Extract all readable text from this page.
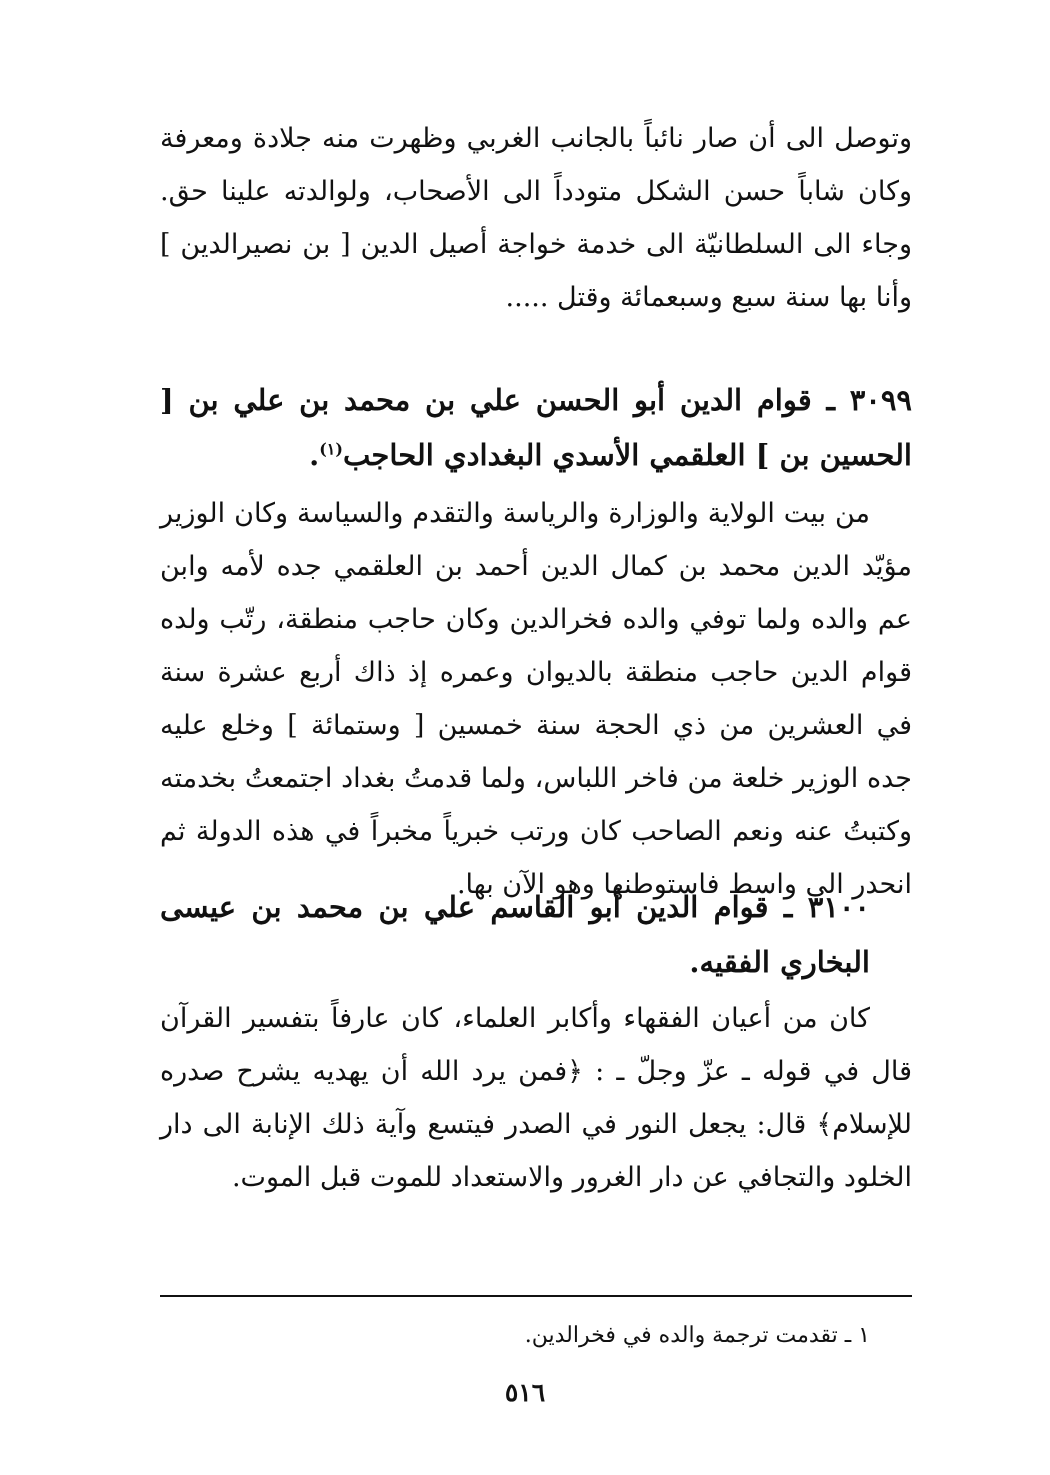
وتوصل الى أن صار نائباً بالجانب الغربي وظهرت منه جلادة ومعرفة وكان شاباً حسن الشكل متودداً الى الأصحاب، ولوالدته علينا حق. وجاء الى السلطانيّة الى خدمة خواجة أصيل الدين [ بن نصيرالدين ] وأنا بها سنة سبع وسبعمائة وقتل .....

٣٠٩٩ ـ قوام الدين أبو الحسن علي بن محمد بن علي بن [ الحسين بن ] العلقمي الأسدي البغدادي الحاجب$^{(١)}$.

من بيت الولاية والوزارة والرياسة والتقدم والسياسة وكان الوزير مؤيّد الدين محمد بن كمال الدين أحمد بن العلقمي جده لأمه وابن عم والده ولما توفي والده فخرالدين وكان حاجب منطقة، رتّب ولده قوام الدين حاجب منطقة بالديوان وعمره إذ ذاك أربع عشرة سنة في العشرين من ذي الحجة سنة خمسين [ وستمائة ] وخلع عليه جده الوزير خلعة من فاخر اللباس، ولما قدمتُ بغداد اجتمعتُ بخدمته وكتبتُ عنه ونعم الصاحب كان ورتب خبرياً مخبراً في هذه الدولة ثم انحدر الى واسط فاستوطنها وهو الآن بها.

٣١٠٠ ـ قوام الدين أبو القاسم علي بن محمد بن عيسى البخاري الفقيه.

كان من أعيان الفقهاء وأكابر العلماء، كان عارفاً بتفسير القرآن قال في قوله ـ عزّ وجلّ ـ : ﴿فمن يرد الله أن يهديه يشرح صدره للإسلام﴾ قال: يجعل النور في الصدر فيتسع وآية ذلك الإنابة الى دار الخلود والتجافي عن دار الغرور والاستعداد للموت قبل الموت.

١ ـ تقدمت ترجمة والده في فخرالدين.

٥١٦
